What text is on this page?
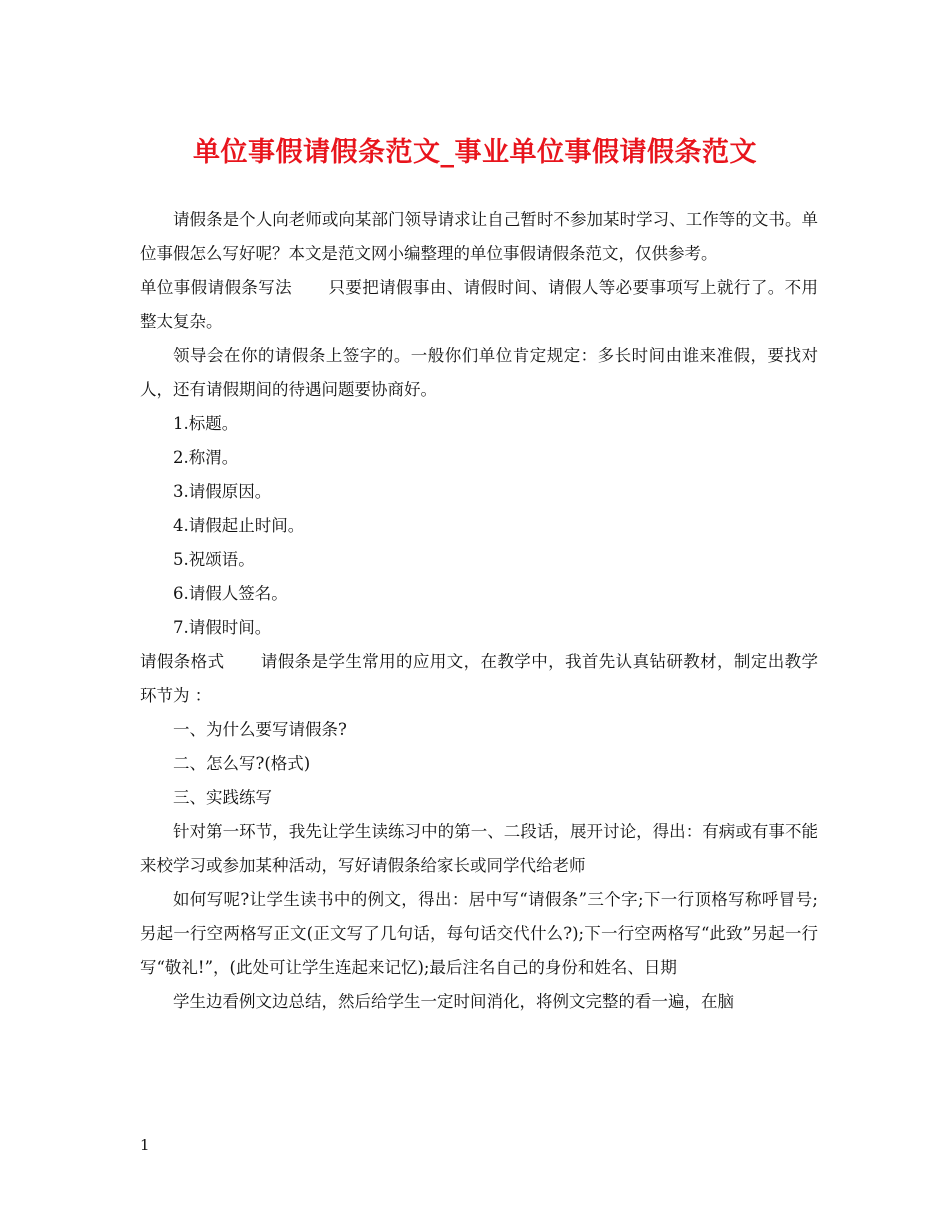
单位事假请假条范文_事业单位事假请假条范文

请假条是个人向老师或向某部门领导请求让自己暂时不参加某时学习、工作等的文书。单位事假怎么写好呢？本文是范文网小编整理的单位事假请假条范文，仅供参考。

单位事假请假条写法 只要把请假事由、请假时间、请假人等必要事项写上就行了。不用整太复杂。

领导会在你的请假条上签字的。一般你们单位肯定规定：多长时间由谁来准假，要找对人，还有请假期间的待遇问题要协商好。

1.标题。

2.称渭。

3.请假原因。

4.请假起止时间。

5.祝颂语。

6.请假人签名。

7.请假时间。

请假条格式 请假条是学生常用的应用文，在教学中，我首先认真钻研教材，制定出教学环节为 ：

一、为什么要写请假条?

二、怎么写?(格式)

三、实践练写

针对第一环节，我先让学生读练习中的第一、二段话，展开讨论，得出：有病或有事不能来校学习或参加某种活动，写好请假条给家长或同学代给老师

如何写呢?让学生读书中的例文，得出：居中写“请假条”三个字;下一行顶格写称呼冒号;另起一行空两格写正文(正文写了几句话，每句话交代什么?);下一行空两格写“此致”另起一行写“敬礼!”，(此处可让学生连起来记忆);最后注名自己的身份和姓名、日期

学生边看例文边总结，然后给学生一定时间消化，将例文完整的看一遍，在脑

1
